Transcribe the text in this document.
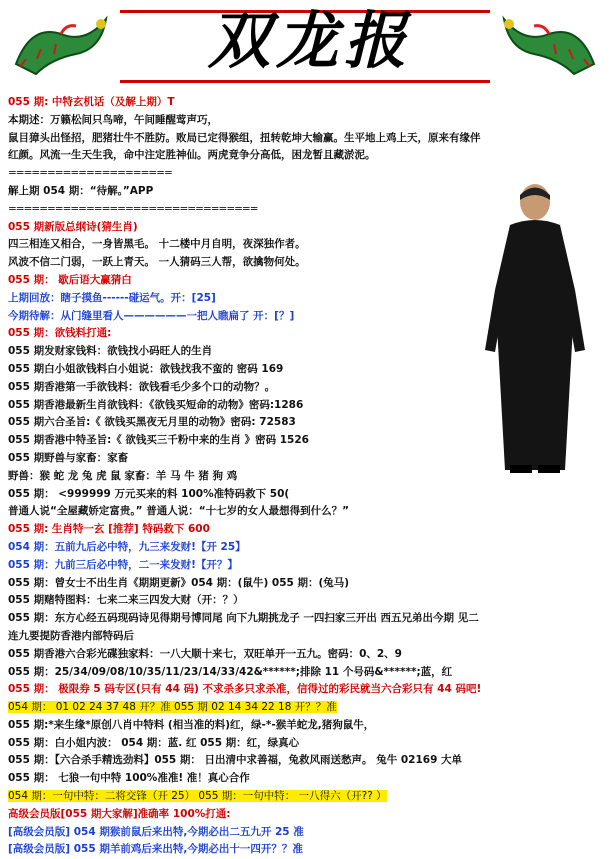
双龙报
055 期: 中特玄机话（及解上期）T
本期述：万籁松间只鸟啼，午间睡醒莺声巧，
鼠目獐头出怪招，肥猪壮牛不胜防。败局已定得猴组，扭转乾坤大输赢。生平地上鸡上天，原来有缘伴
红颜。风流一生天生我，命中注定胜神仙。两虎竟争分高低，困龙暂且藏淤泥。
=====================
解上期 054 期：“待解。”APP
================================
055 期新版总纲诗(猜生肖)
四三相连又相合，一身皆黑毛。 十二楼中月自明，夜深独作者。
风波不信二门弱，一跃上青天。 一人猜码三人帮，欲擒物何处。
055 期： 歇后语大赢猜白
上期回放：瞎子摸鱼------碰运气。开：[25]
今期待解：从门缝里看人——————一把人瞧扁了 开：[？]
055 期：欲钱料打通:
055 期发财家钱料：欲钱找小码旺人的生肖
055 期白小姐欲钱料白小姐说：欲钱找我不蛮的 密码 169
055 期香港第一手欲钱料：欲钱看毛少多个口的动物？。
055 期香港最新生肖欲钱料：《欲钱买短命的动物》密码:1286
055 期六合圣旨:《 欲钱买黑夜无月里的动物》密码: 72583
055 期香港中特圣旨:《 欲钱买三千粉中来的生肖 》密码 1526
055 期野兽与家畜：家畜
野兽：猴 蛇 龙 兔 虎 鼠 家畜：羊 马 牛 猪 狗 鸡
055 期： <999999 万元买来的料 100%准特码救下 50(
普通人说“全屋藏娇定富贵。” 普通人说：“十七岁的女人最想得到什么？”
055 期: 生肖特一玄 [推荐] 特码救下 600
054 期：五前九后必中特，九三来发财!【开 25】
055 期：九前三后必中特，二一来发财!【开？】
055 期：曾女士不出生肖《期期更新》054 期：(鼠牛) 055 期：(兔马)
055 期赌特图料：七来二来三四发大财（开：？）
055 期：东方心经五码现码诗见得期号博同尾 向下九期挑龙子 一四扫家三开出 西五兄弟出今期 见二
连九要提防香港内部特码后
055 期香港六合彩光碟独家料：一八大顺十来七，双旺单开一五九。密码：0、2、9
055 期：25/34/09/08/10/35/11/23/14/33/42&******;排除 11 个号码&******;蓝，红
055 期： 极限券 5 码专区(只有 44 码) 不求杀多只求杀准，信得过的彩民就当六合彩只有 44 码吧!
054 期： 01 02 24 37 48 开？准 055 期 02 14 34 22 18 开？？准
055 期:*来生缘*原创八肖中特料 (相当准的料)红，绿-*-猴羊蛇龙,猪狗鼠牛，
055 期：白小姐内波： 054 期：蓝. 红 055 期：红，绿真心
055 期：【六合杀手精选劲料】055 期： 日出清中求善福，兔救风雨送愁声。 兔牛 02169 大单
055 期： 七狼一句中特 100%准准! 准！真心合作
054 期：一句中特：二将交锋（开 25） 055 期：一句中特： 一八得六（开?? ）
高级会员版[055 期大家解]准确率 100%打通:
[高级会员版] 054 期猴前鼠后来出特,今期必出二五九开 25 准
[高级会员版] 055 期羊前鸡后来出特,今期必出十一四开？？准
